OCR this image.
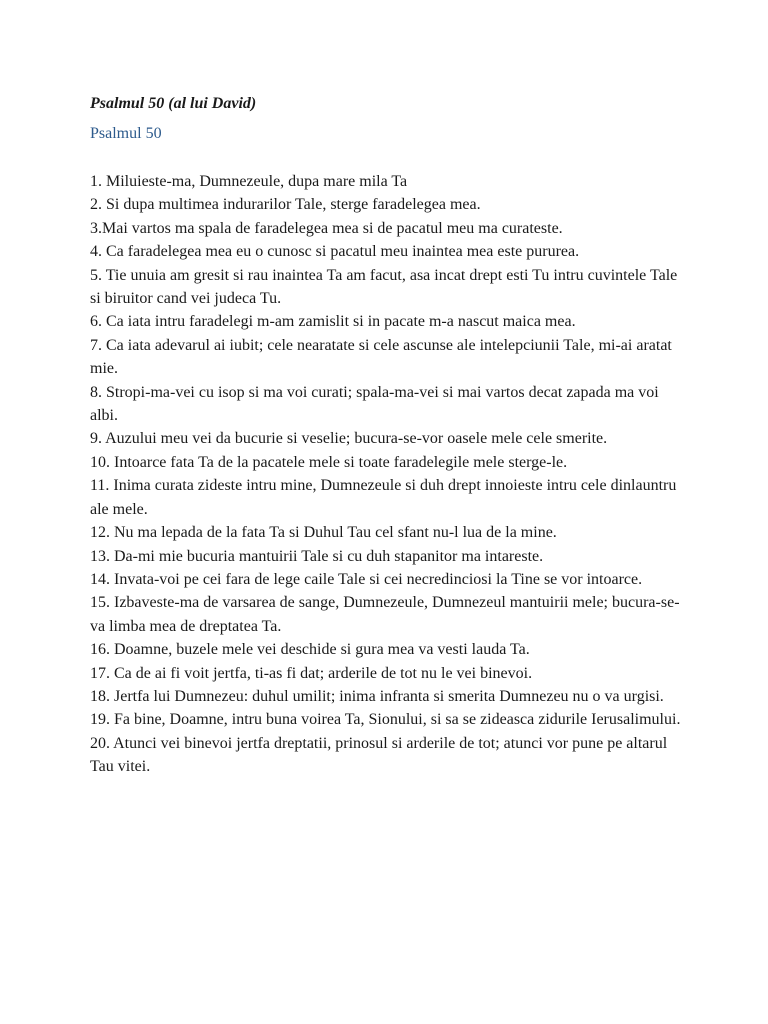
Psalmul 50 (al lui David)
Psalmul 50
1. Miluieste-ma, Dumnezeule, dupa mare mila Ta
2. Si dupa multimea indurarilor Tale, sterge faradelegea mea.
3.Mai vartos ma spala de faradelegea mea si de pacatul meu ma curateste.
4. Ca faradelegea mea eu o cunosc si pacatul meu inaintea mea este pururea.
5. Tie unuia am gresit si rau inaintea Ta am facut, asa incat drept esti Tu intru cuvintele Tale si biruitor cand vei judeca Tu.
6. Ca iata intru faradelegi m-am zamislit si in pacate m-a nascut maica mea.
7. Ca iata adevarul ai iubit; cele nearatate si cele ascunse ale intelepciunii Tale, mi-ai aratat mie.
8. Stropi-ma-vei cu isop si ma voi curati; spala-ma-vei si mai vartos decat zapada ma voi albi.
9. Auzului meu vei da bucurie si veselie; bucura-se-vor oasele mele cele smerite.
10. Intoarce fata Ta de la pacatele mele si toate faradelegile mele sterge-le.
11. Inima curata zideste intru mine, Dumnezeule si duh drept innoieste intru cele dinlauntru ale mele.
12. Nu ma lepada de la fata Ta si Duhul Tau cel sfant nu-l lua de la mine.
13. Da-mi mie bucuria mantuirii Tale si cu duh stapanitor ma intareste.
14. Invata-voi pe cei fara de lege caile Tale si cei necredinciosi la Tine se vor intoarce.
15. Izbaveste-ma de varsarea de sange, Dumnezeule, Dumnezeul mantuirii mele; bucura-se-va limba mea de dreptatea Ta.
16. Doamne, buzele mele vei deschide si gura mea va vesti lauda Ta.
17. Ca de ai fi voit jertfa, ti-as fi dat; arderile de tot nu le vei binevoi.
18. Jertfa lui Dumnezeu: duhul umilit; inima infranta si smerita Dumnezeu nu o va urgisi.
19. Fa bine, Doamne, intru buna voirea Ta, Sionului, si sa se zideasca zidurile Ierusalimului.
20. Atunci vei binevoi jertfa dreptatii, prinosul si arderile de tot; atunci vor pune pe altarul Tau vitei.
